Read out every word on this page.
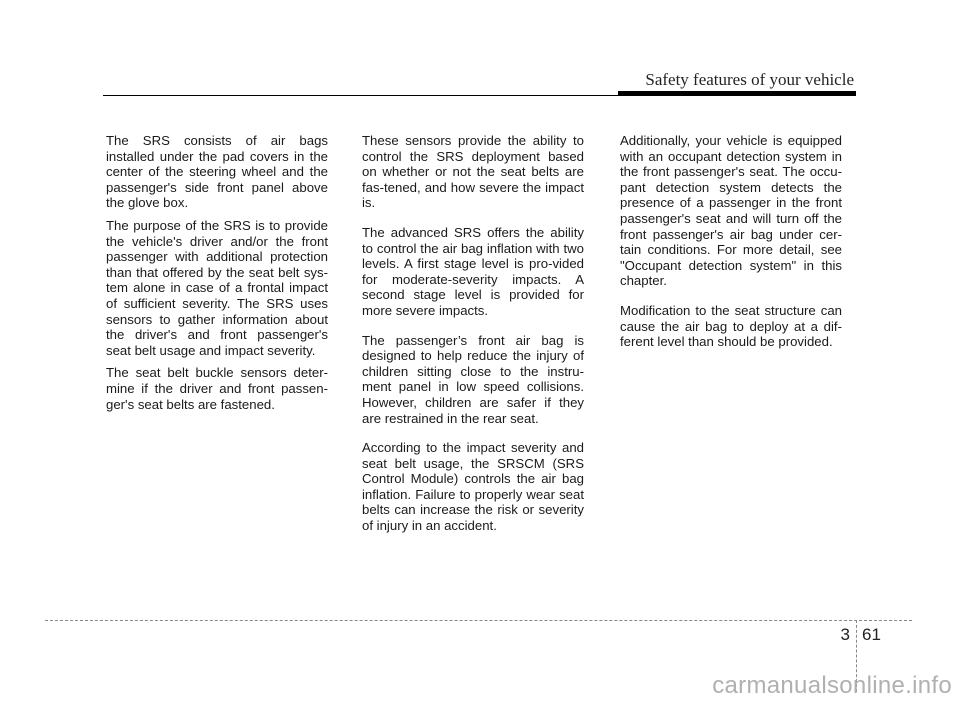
Safety features of your vehicle

The SRS consists of air bags installed under the pad covers in the center of the steering wheel and the passenger's side front panel above the glove box.

The purpose of the SRS is to provide the vehicle's driver and/or the front passenger with additional protection than that offered by the seat belt sys-tem alone in case of a frontal impact of sufficient severity. The SRS uses sensors to gather information about the driver's and front passenger's seat belt usage and impact severity.

The seat belt buckle sensors deter-mine if the driver and front passen-ger's seat belts are fastened.

These sensors provide the ability to control the SRS deployment based on whether or not the seat belts are fas-tened, and how severe the impact is.

The advanced SRS offers the ability to control the air bag inflation with two levels. A first stage level is pro-vided for moderate-severity impacts. A second stage level is provided for more severe impacts.

The passenger’s front air bag is designed to help reduce the injury of children sitting close to the instru-ment panel in low speed collisions. However, children are safer if they are restrained in the rear seat.

According to the impact severity and seat belt usage, the SRSCM (SRS Control Module) controls the air bag inflation. Failure to properly wear seat belts can increase the risk or severity of injury in an accident.

Additionally, your vehicle is equipped with an occupant detection system in the front passenger's seat. The occu-pant detection system detects the presence of a passenger in the front passenger's seat and will turn off the front passenger's air bag under cer-tain conditions. For more detail, see "Occupant detection system" in this chapter.

Modification to the seat structure can cause the air bag to deploy at a dif-ferent level than should be provided.

3 61
carmanualsonline.info
